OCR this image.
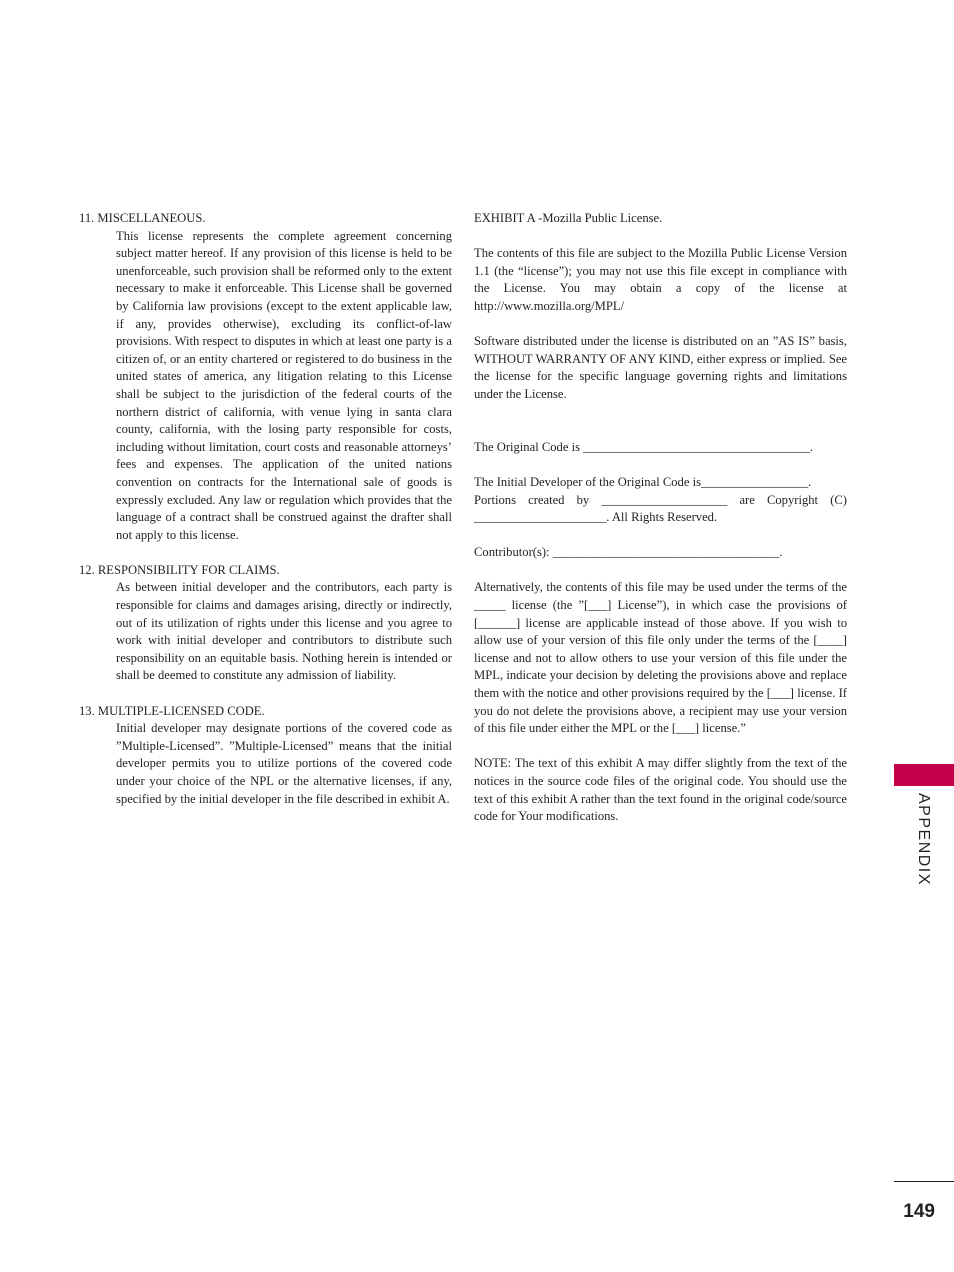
11. MISCELLANEOUS.

This license represents the complete agreement concerning subject matter hereof. If any provision of this license is held to be unenforceable, such provision shall be reformed only to the extent necessary to make it enforceable. This License shall be governed by California law provisions (except to the extent applicable law, if any, provides otherwise), excluding its conflict-of-law provisions. With respect to disputes in which at least one party is a citizen of, or an entity chartered or registered to do business in the united states of america, any litigation relating to this License shall be subject to the jurisdiction of the federal courts of the northern district of california, with venue lying in santa clara county, california, with the losing party responsible for costs, including without limitation, court costs and reasonable attorneys’ fees and expenses. The application of the united nations convention on contracts for the International sale of goods is expressly excluded. Any law or regulation which provides that the language of a contract shall be construed against the drafter shall not apply to this license.

12. RESPONSIBILITY FOR CLAIMS.

As between initial developer and the contributors, each party is responsible for claims and damages arising, directly or indirectly, out of its utilization of rights under this license and you agree to work with initial developer and contributors to distribute such responsibility on an equitable basis. Nothing herein is intended or shall be deemed to constitute any admission of liability.

13. MULTIPLE-LICENSED CODE.

Initial developer may designate portions of the covered code as ”Multiple-Licensed”. ”Multiple-Licensed” means that the initial developer permits you to utilize portions of the covered code under your choice of the NPL or the alternative licenses, if any, specified by the initial developer in the file described in exhibit A.

EXHIBIT A -Mozilla Public License.

The contents of this file are subject to the Mozilla Public License Version 1.1 (the “license”); you may not use this file except in compliance with the License. You may obtain a copy of the license at http://www.mozilla.org/MPL/

Software distributed under the license is distributed on an ”AS IS” basis, WITHOUT WARRANTY OF ANY KIND, either express or implied. See the license for the specific language governing rights and limitations under the License.

The Original Code is ____________________________________.

The Initial Developer of the Original Code is_________________.

Portions created by ____________________ are Copyright (C) _____________________. All Rights Reserved.

Contributor(s): ____________________________________.

Alternatively, the contents of this file may be used under the terms of the _____ license (the ”[___] License”), in which case the provisions of [______] license are applicable instead of those above. If you wish to allow use of your version of this file only under the terms of the [____] license and not to allow others to use your version of this file under the MPL, indicate your decision by deleting the provisions above and replace them with the notice and other provisions required by the [___] license. If you do not delete the provisions above, a recipient may use your version of this file under either the MPL or the [___] license.”

NOTE: The text of this exhibit A may differ slightly from the text of the notices in the source code files of the original code. You should use the text of this exhibit A rather than the text found in the original code/source code for Your modifications.	APPENDIX
149
